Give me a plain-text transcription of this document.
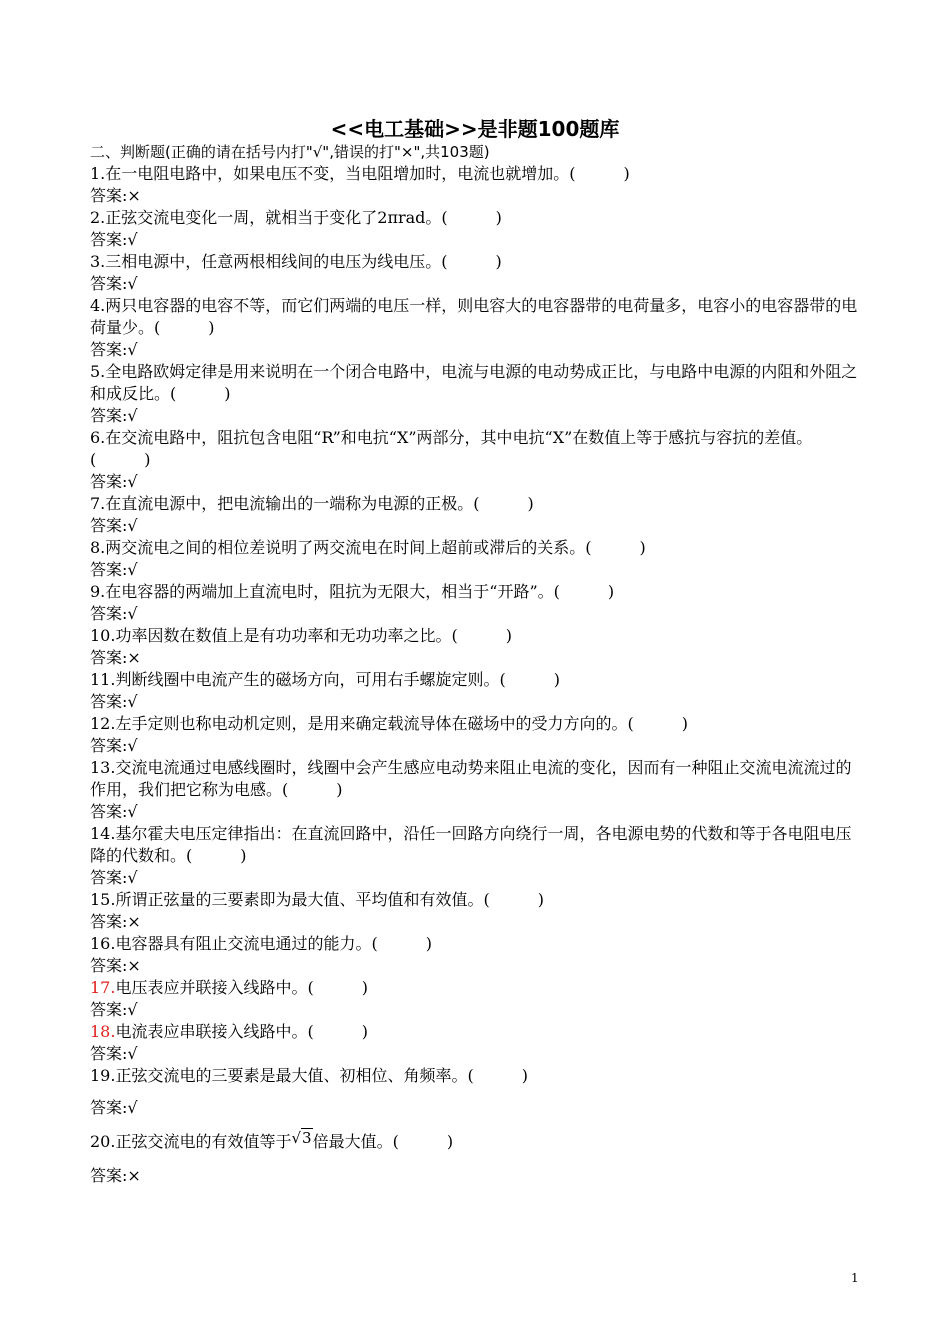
<<电工基础>>是非题100题库
二、判断题(正确的请在括号内打"√",错误的打"×",共103题)

1.在一电阻电路中，如果电压不变，当电阻增加时，电流也就增加。(　　　)

答案:×

2.正弦交流电变化一周，就相当于变化了2πrad。(　　　)

答案:√

3.三相电源中，任意两根相线间的电压为线电压。(　　　)

答案:√

4.两只电容器的电容不等，而它们两端的电压一样，则电容大的电容器带的电荷量多，电容小的电容器带的电荷量少。(　　　)

答案:√

5.全电路欧姆定律是用来说明在一个闭合电路中，电流与电源的电动势成正比，与电路中电源的内阻和外阻之和成反比。(　　　)

答案:√

6.在交流电路中，阻抗包含电阻“R”和电抗“X”两部分，其中电抗“X”在数值上等于感抗与容抗的差值。(　　　)

答案:√

7.在直流电源中，把电流输出的一端称为电源的正极。(　　　)

答案:√

8.两交流电之间的相位差说明了两交流电在时间上超前或滞后的关系。(　　　)

答案:√

9.在电容器的两端加上直流电时，阻抗为无限大，相当于“开路”。(　　　)

答案:√

10.功率因数在数值上是有功功率和无功功率之比。(　　　)

答案:×

11.判断线圈中电流产生的磁场方向，可用右手螺旋定则。(　　　)

答案:√

12.左手定则也称电动机定则，是用来确定载流导体在磁场中的受力方向的。(　　　)

答案:√

13.交流电流通过电感线圈时，线圈中会产生感应电动势来阻止电流的变化，因而有一种阻止交流电流流过的作用，我们把它称为电感。(　　　)

答案:√

14.基尔霍夫电压定律指出：在直流回路中，沿任一回路方向绕行一周，各电源电势的代数和等于各电阻电压降的代数和。(　　　)

答案:√

15.所谓正弦量的三要素即为最大值、平均值和有效值。(　　　)

答案:×

16.电容器具有阻止交流电通过的能力。(　　　)

答案:×

17.电压表应并联接入线路中。(　　　)

答案:√

18.电流表应串联接入线路中。(　　　)

答案:√

19.正弦交流电的三要素是最大值、初相位、角频率。(　　　)

答案:√

20.正弦交流电的有效值等于√3倍最大值。(　　　)

答案:×

1
